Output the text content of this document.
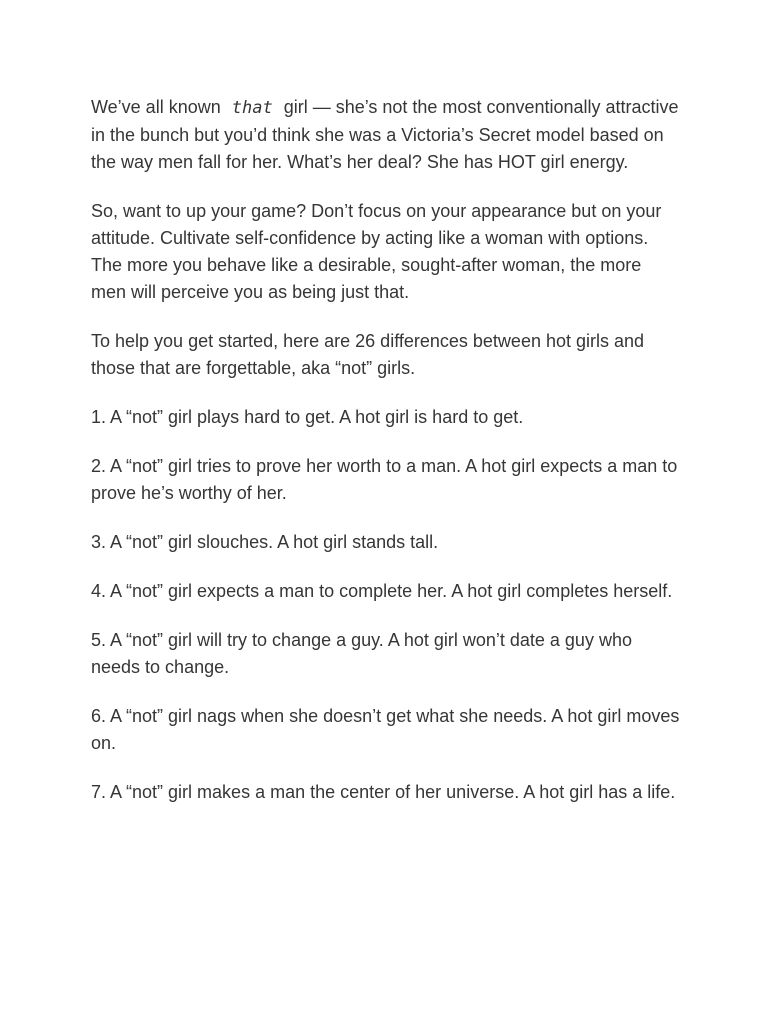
We’ve all known that girl — she’s not the most conventionally attractive in the bunch but you’d think she was a Victoria’s Secret model based on the way men fall for her. What’s her deal? She has HOT girl energy.

So, want to up your game? Don’t focus on your appearance but on your attitude. Cultivate self-confidence by acting like a woman with options. The more you behave like a desirable, sought-after woman, the more men will perceive you as being just that.

To help you get started, here are 26 differences between hot girls and those that are forgettable, aka “not” girls.

1. A “not” girl plays hard to get. A hot girl is hard to get.

2. A “not” girl tries to prove her worth to a man. A hot girl expects a man to prove he’s worthy of her.

3. A “not” girl slouches. A hot girl stands tall.

4. A “not” girl expects a man to complete her. A hot girl completes herself.

5. A “not” girl will try to change a guy. A hot girl won’t date a guy who needs to change.

6. A “not” girl nags when she doesn’t get what she needs. A hot girl moves on.

7. A “not” girl makes a man the center of her universe. A hot girl has a life.
